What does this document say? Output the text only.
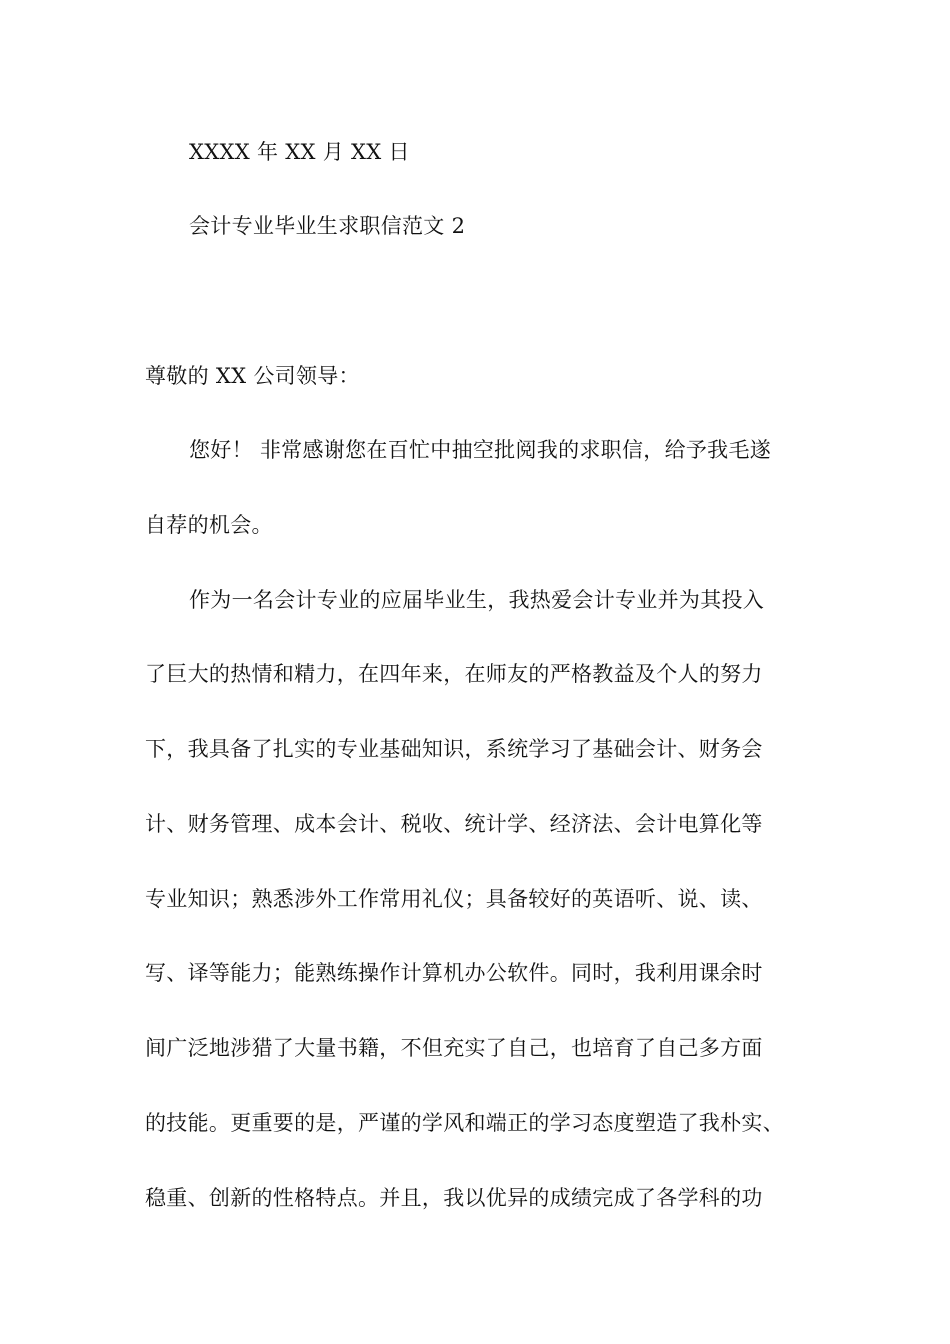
XXXX 年 XX 月 XX 日
会计专业毕业生求职信范文 2
尊敬的 XX 公司领导：
您好！ 非常感谢您在百忙中抽空批阅我的求职信，给予我毛遂
自荐的机会。
作为一名会计专业的应届毕业生，我热爱会计专业并为其投入
了巨大的热情和精力，在四年来，在师友的严格教益及个人的努力
下，我具备了扎实的专业基础知识，系统学习了基础会计、财务会
计、财务管理、成本会计、税收、统计学、经济法、会计电算化等
专业知识；熟悉涉外工作常用礼仪；具备较好的英语听、说、读、
写、译等能力；能熟练操作计算机办公软件。同时，我利用课余时
间广泛地涉猎了大量书籍，不但充实了自己，也培育了自己多方面
的技能。更重要的是，严谨的学风和端正的学习态度塑造了我朴实、
稳重、创新的性格特点。并且，我以优异的成绩完成了各学科的功
